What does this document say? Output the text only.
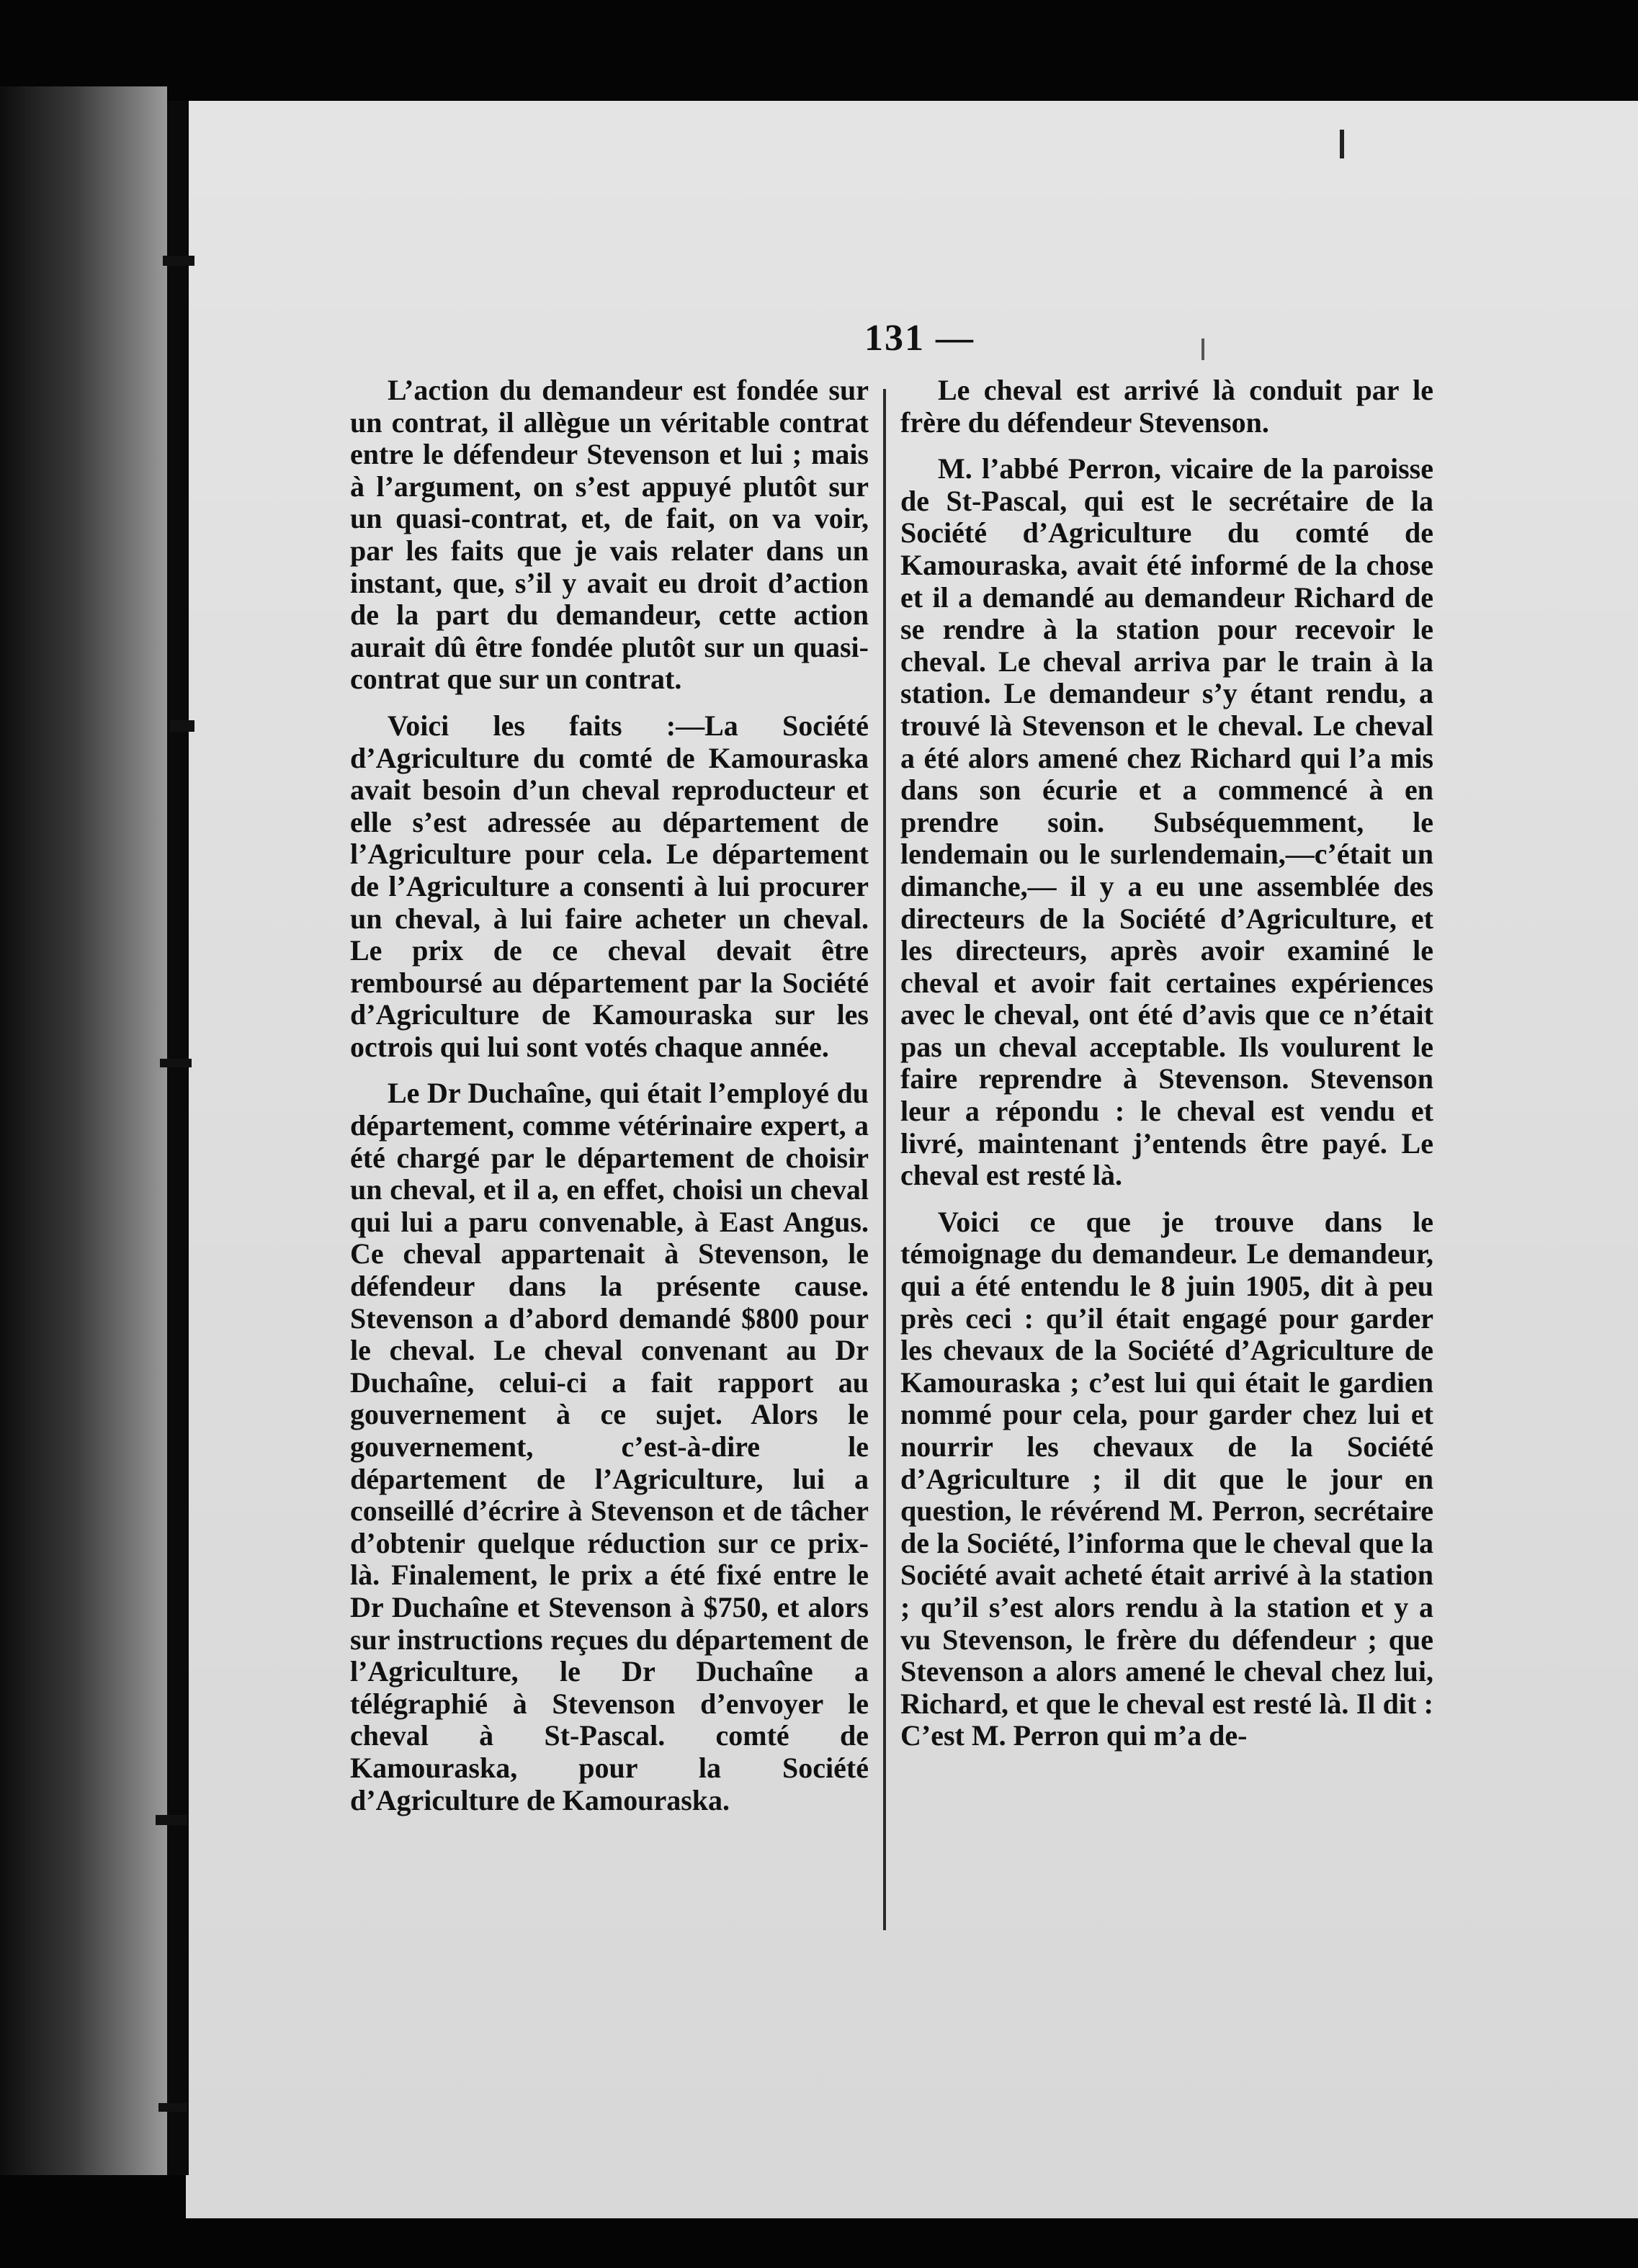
131 —

L’action du demandeur est fondée sur un contrat, il allègue un véritable contrat entre le défendeur Stevenson et lui ; mais à l’argument, on s’est appuyé plutôt sur un quasi-contrat, et, de fait, on va voir, par les faits que je vais relater dans un instant, que, s’il y avait eu droit d’action de la part du demandeur, cette action aurait dû être fondée plutôt sur un quasi-contrat que sur un contrat.

Voici les faits :—La Société d’Agriculture du comté de Kamouraska avait besoin d’un cheval reproducteur et elle s’est adressée au département de l’Agriculture pour cela. Le département de l’Agriculture a consenti à lui procurer un cheval, à lui faire acheter un cheval. Le prix de ce cheval devait être remboursé au département par la Société d’Agriculture de Kamouraska sur les octrois qui lui sont votés chaque année.

Le Dr Duchaîne, qui était l’employé du département, comme vétérinaire expert, a été chargé par le département de choisir un cheval, et il a, en effet, choisi un cheval qui lui a paru convenable, à East Angus. Ce cheval appartenait à Stevenson, le défendeur dans la présente cause. Stevenson a d’abord demandé $800 pour le cheval. Le cheval convenant au Dr Duchaîne, celui-ci a fait rapport au gouvernement à ce sujet. Alors le gouvernement, c’est-à-dire le département de l’Agriculture, lui a conseillé d’écrire à Stevenson et de tâcher d’obtenir quelque réduction sur ce prix-là. Finalement, le prix a été fixé entre le Dr Duchaîne et Stevenson à $750, et alors sur instructions reçues du département de l’Agriculture, le Dr Duchaîne a télégraphié à Stevenson d’envoyer le cheval à St-Pascal. comté de Kamouraska, pour la Société d’Agriculture de Kamouraska.

Le cheval est arrivé là conduit par le frère du défendeur Stevenson.

M. l’abbé Perron, vicaire de la paroisse de St-Pascal, qui est le secrétaire de la Société d’Agriculture du comté de Kamouraska, avait été informé de la chose et il a demandé au demandeur Richard de se rendre à la station pour recevoir le cheval. Le cheval arriva par le train à la station. Le demandeur s’y étant rendu, a trouvé là Stevenson et le cheval. Le cheval a été alors amené chez Richard qui l’a mis dans son écurie et a commencé à en prendre soin. Subséquemment, le lendemain ou le surlendemain,—c’était un dimanche,— il y a eu une assemblée des directeurs de la Société d’Agriculture, et les directeurs, après avoir examiné le cheval et avoir fait certaines expériences avec le cheval, ont été d’avis que ce n’était pas un cheval acceptable. Ils voulurent le faire reprendre à Stevenson. Stevenson leur a répondu : le cheval est vendu et livré, maintenant j’entends être payé. Le cheval est resté là.

Voici ce que je trouve dans le témoignage du demandeur. Le demandeur, qui a été entendu le 8 juin 1905, dit à peu près ceci : qu’il était engagé pour garder les chevaux de la Société d’Agriculture de Kamouraska ; c’est lui qui était le gardien nommé pour cela, pour garder chez lui et nourrir les chevaux de la Société d’Agriculture ; il dit que le jour en question, le révérend M. Perron, secrétaire de la Société, l’informa que le cheval que la Société avait acheté était arrivé à la station ; qu’il s’est alors rendu à la station et y a vu Stevenson, le frère du défendeur ; que Stevenson a alors amené le cheval chez lui, Richard, et que le cheval est resté là. Il dit : C’est M. Perron qui m’a de-
